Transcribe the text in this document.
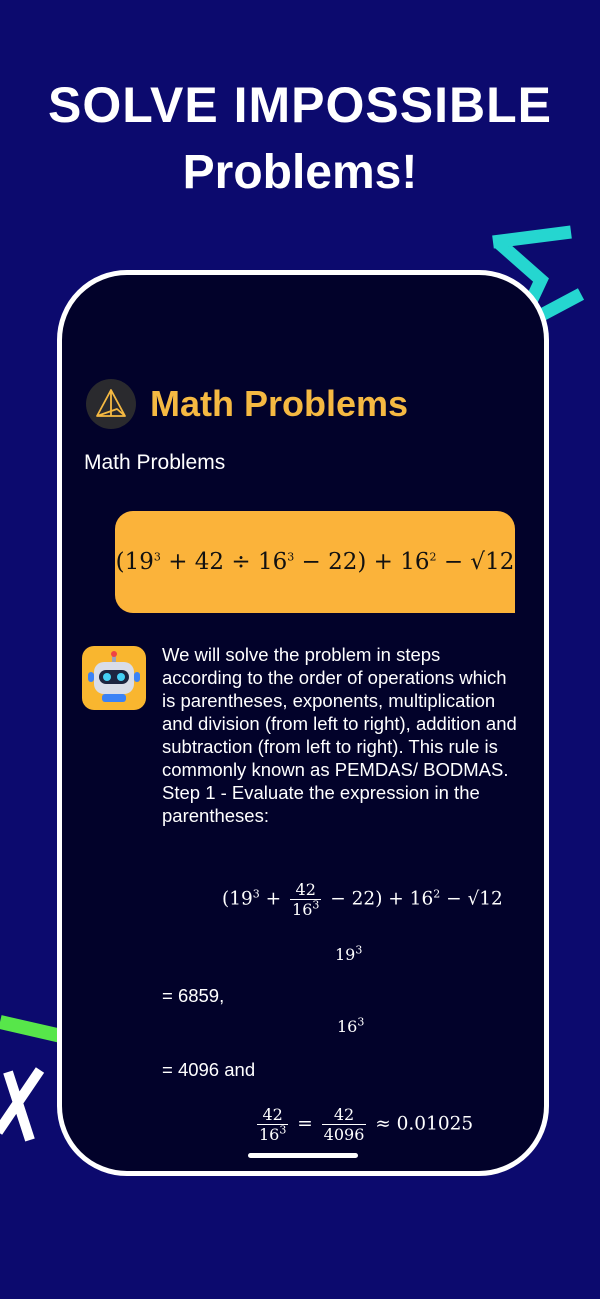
SOLVE IMPOSSIBLE
Problems!
Math Problems
Math Problems
$(19^3 + 42 \div 16^3 - 22) + 16^2 - √12$
We will solve the problem in steps according to the order of operations which is parentheses, exponents, multiplication and division (from left to right), addition and subtraction (from left to right). This rule is commonly known as PEMDAS/ BODMAS. Step 1 - Evaluate the expression in the parentheses:
$(19^3 + \frac{42}{16^3} - 22) + 16^2 - √12$
$19^3$
= 6859,
$16^3$
= 4096 and
$\frac{42}{16^3} = \frac{42}{4096} \approx 0.01025$
